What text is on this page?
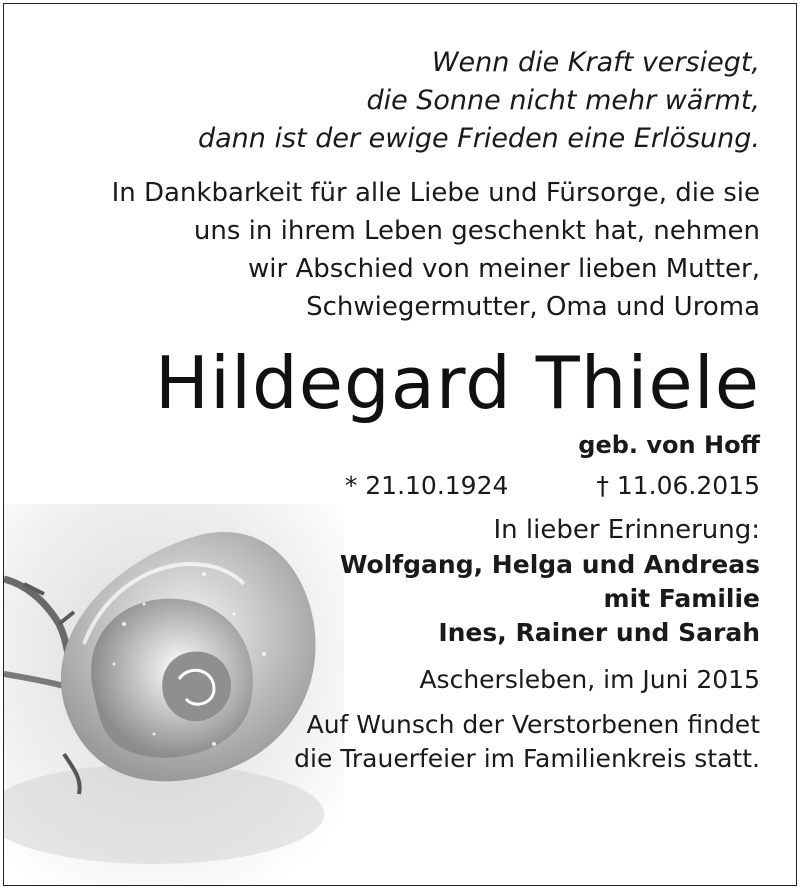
Wenn die Kraft versiegt,
die Sonne nicht mehr wärmt,
dann ist der ewige Frieden eine Erlösung.
In Dankbarkeit für alle Liebe und Fürsorge, die sie
uns in ihrem Leben geschenkt hat, nehmen
wir Abschied von meiner lieben Mutter,
Schwiegermutter, Oma und Uroma
Hildegard Thiele
geb. von Hoff
* 21.10.1924	† 11.06.2015
In lieber Erinnerung:
Wolfgang, Helga und Andreas
mit Familie
Ines, Rainer und Sarah
Aschersleben, im Juni 2015
Auf Wunsch der Verstorbenen findet
die Trauerfeier im Familienkreis statt.
